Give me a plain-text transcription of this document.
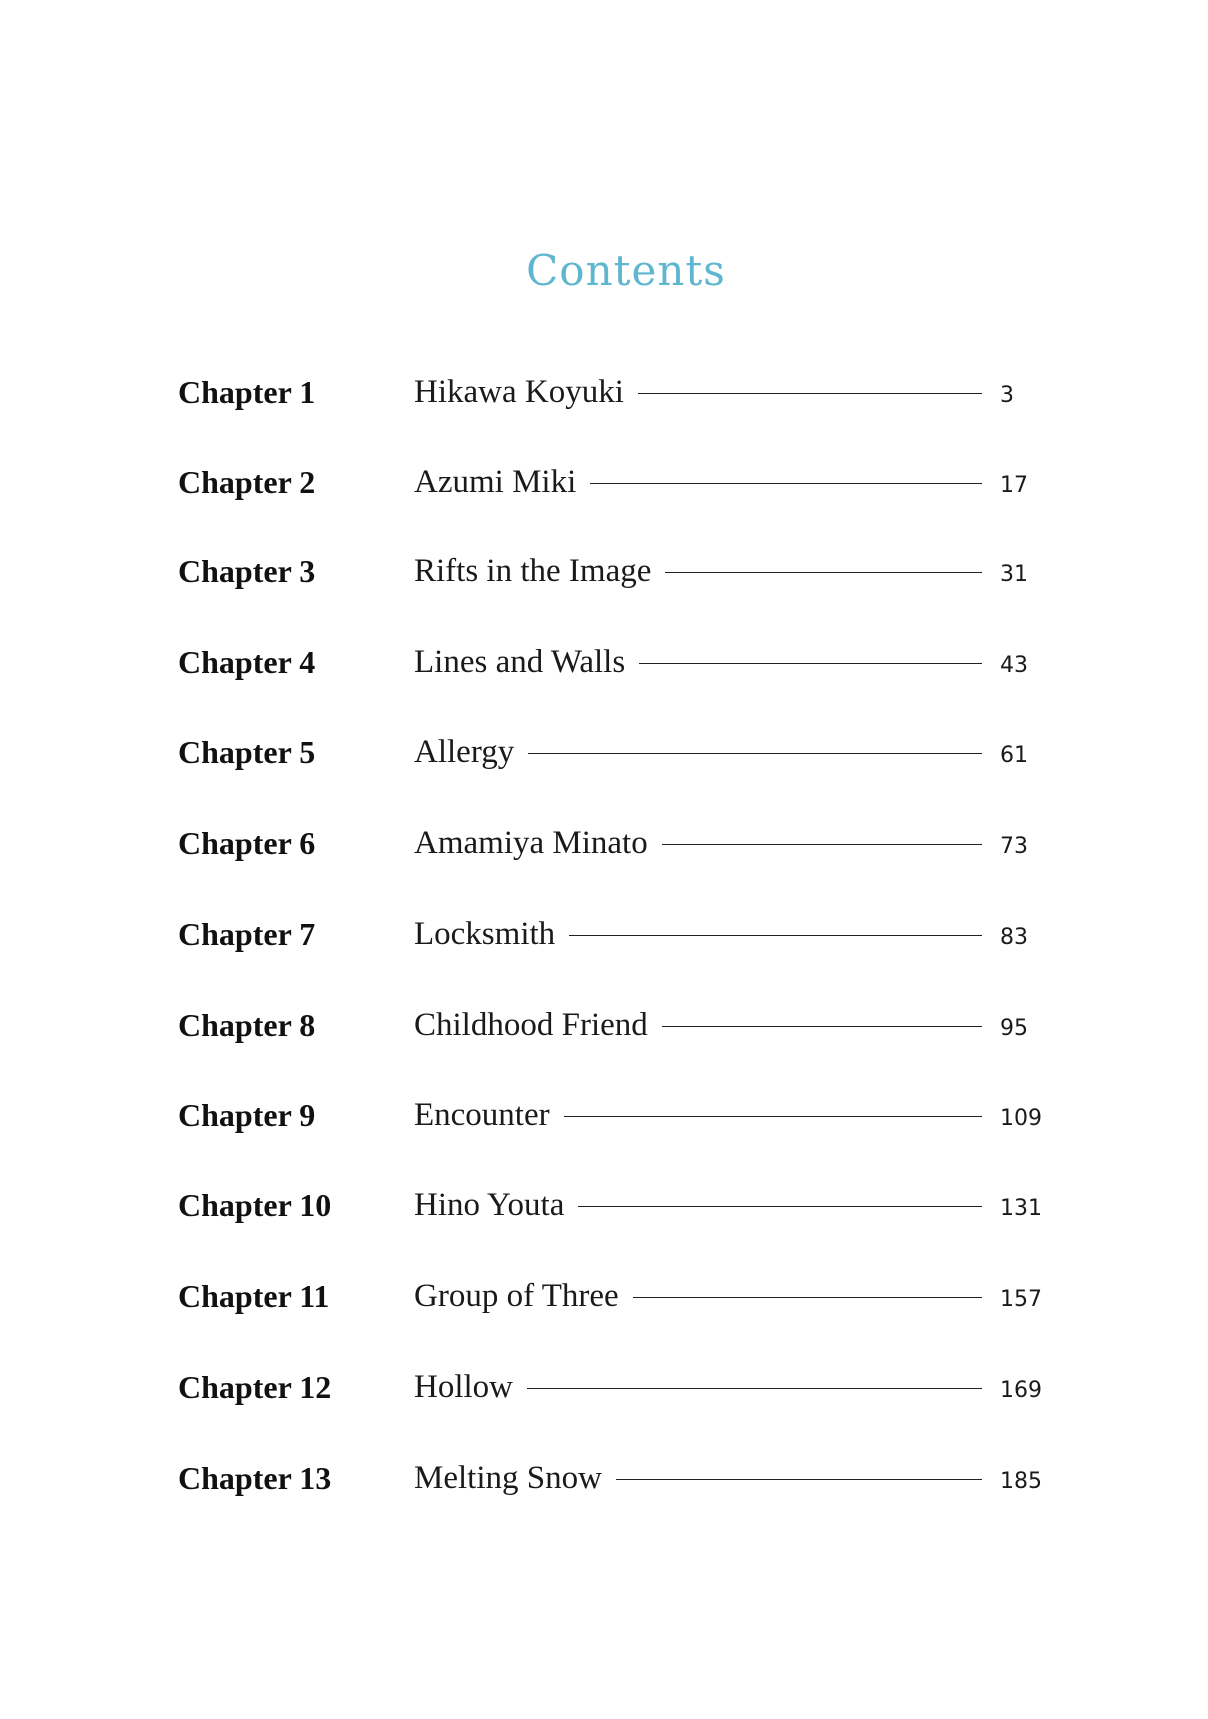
Contents
Chapter 1	Hikawa Koyuki	3
Chapter 2	Azumi Miki	17
Chapter 3	Rifts in the Image	31
Chapter 4	Lines and Walls	43
Chapter 5	Allergy	61
Chapter 6	Amamiya Minato	73
Chapter 7	Locksmith	83
Chapter 8	Childhood Friend	95
Chapter 9	Encounter	109
Chapter 10	Hino Youta	131
Chapter 11	Group of Three	157
Chapter 12	Hollow	169
Chapter 13	Melting Snow	185
